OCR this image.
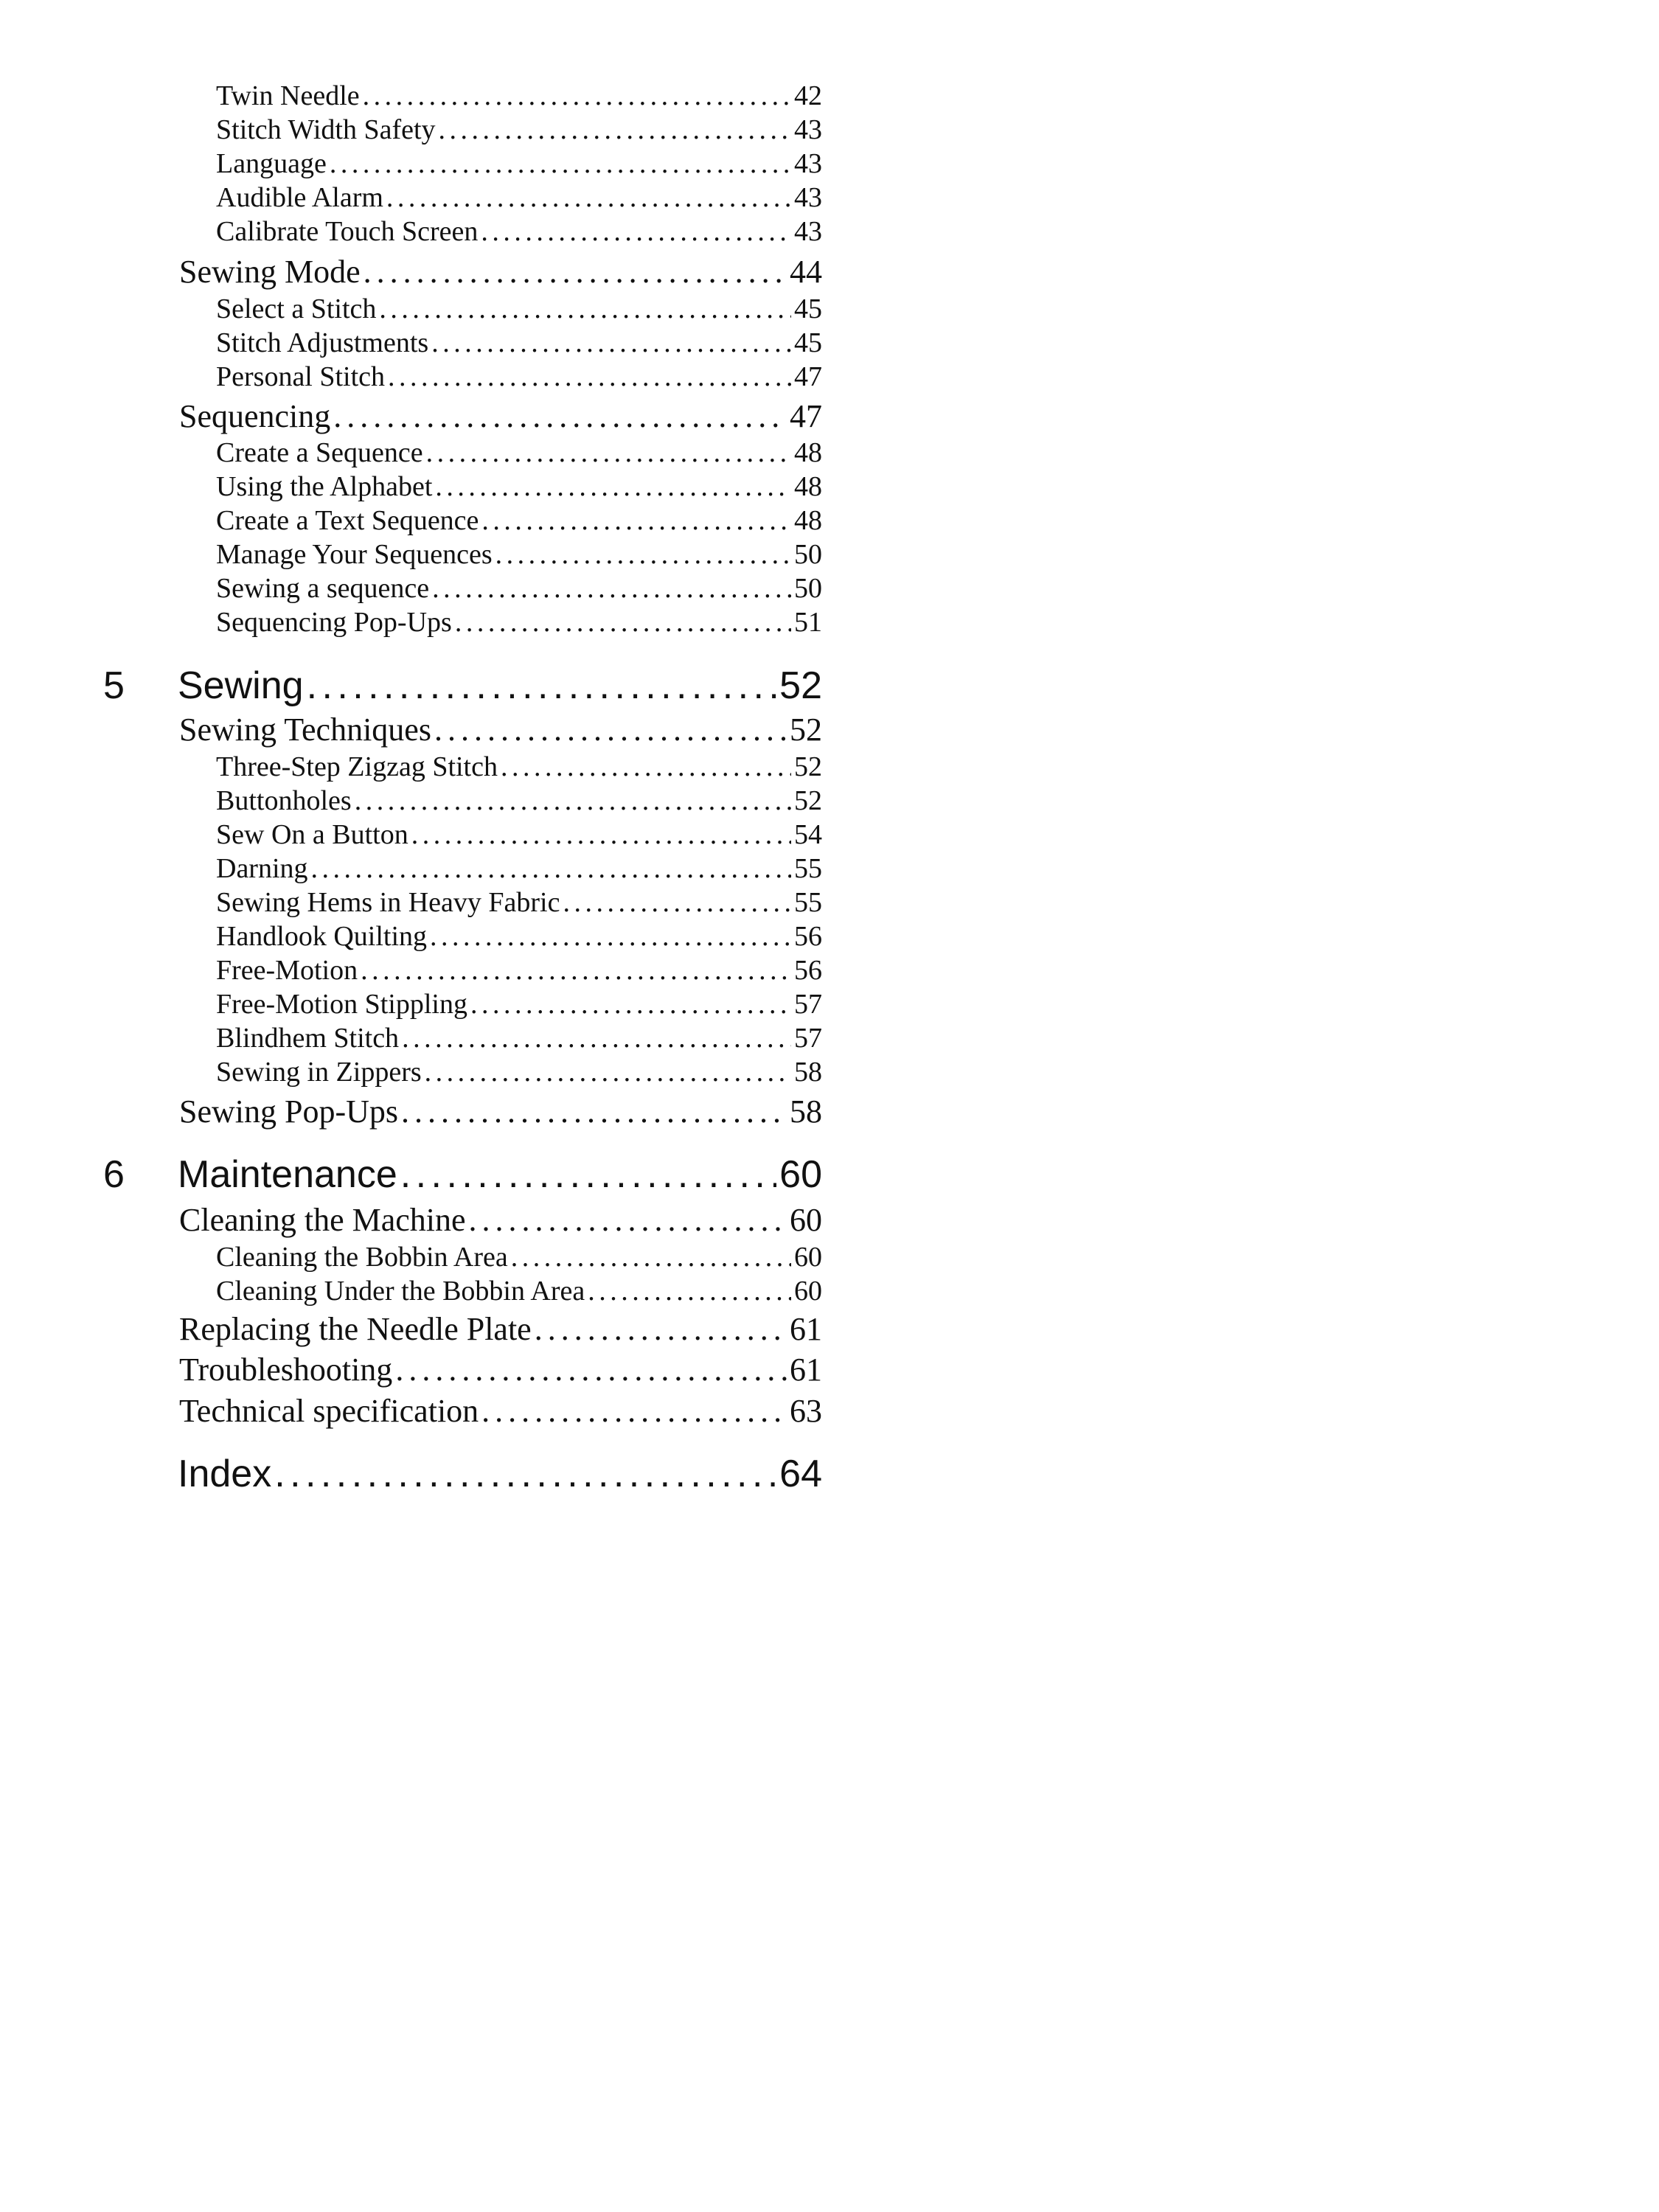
Twin Needle . . .	42
Stitch Width Safety . . .	43
Language . . .	43
Audible Alarm . . .	43
Calibrate Touch Screen . . .	43
Sewing Mode . . .	44
Select a Stitch . . .	45
Stitch Adjustments . . .	45
Personal Stitch . . .	47
Sequencing . . .	47
Create a Sequence . . .	48
Using the Alphabet . . .	48
Create a Text Sequence . . .	48
Manage Your Sequences . . .	50
Sewing a sequence . . .	50
Sequencing Pop-Ups . . .	51
5	Sewing . . .	52
Sewing Techniques . . .	52
Three-Step Zigzag Stitch . . .	52
Buttonholes . . .	52
Sew On a Button . . .	54
Darning . . .	55
Sewing Hems in Heavy Fabric . . .	55
Handlook Quilting . . .	56
Free-Motion . . .	56
Free-Motion Stippling . . .	57
Blindhem Stitch . . .	57
Sewing in Zippers . . .	58
Sewing Pop-Ups . . .	58
6	Maintenance . . .	60
Cleaning the Machine . . .	60
Cleaning the Bobbin Area . . .	60
Cleaning Under the Bobbin Area . . .	60
Replacing the Needle Plate . . .	61
Troubleshooting . . .	61
Technical specification . . .	63
Index . . .	64
